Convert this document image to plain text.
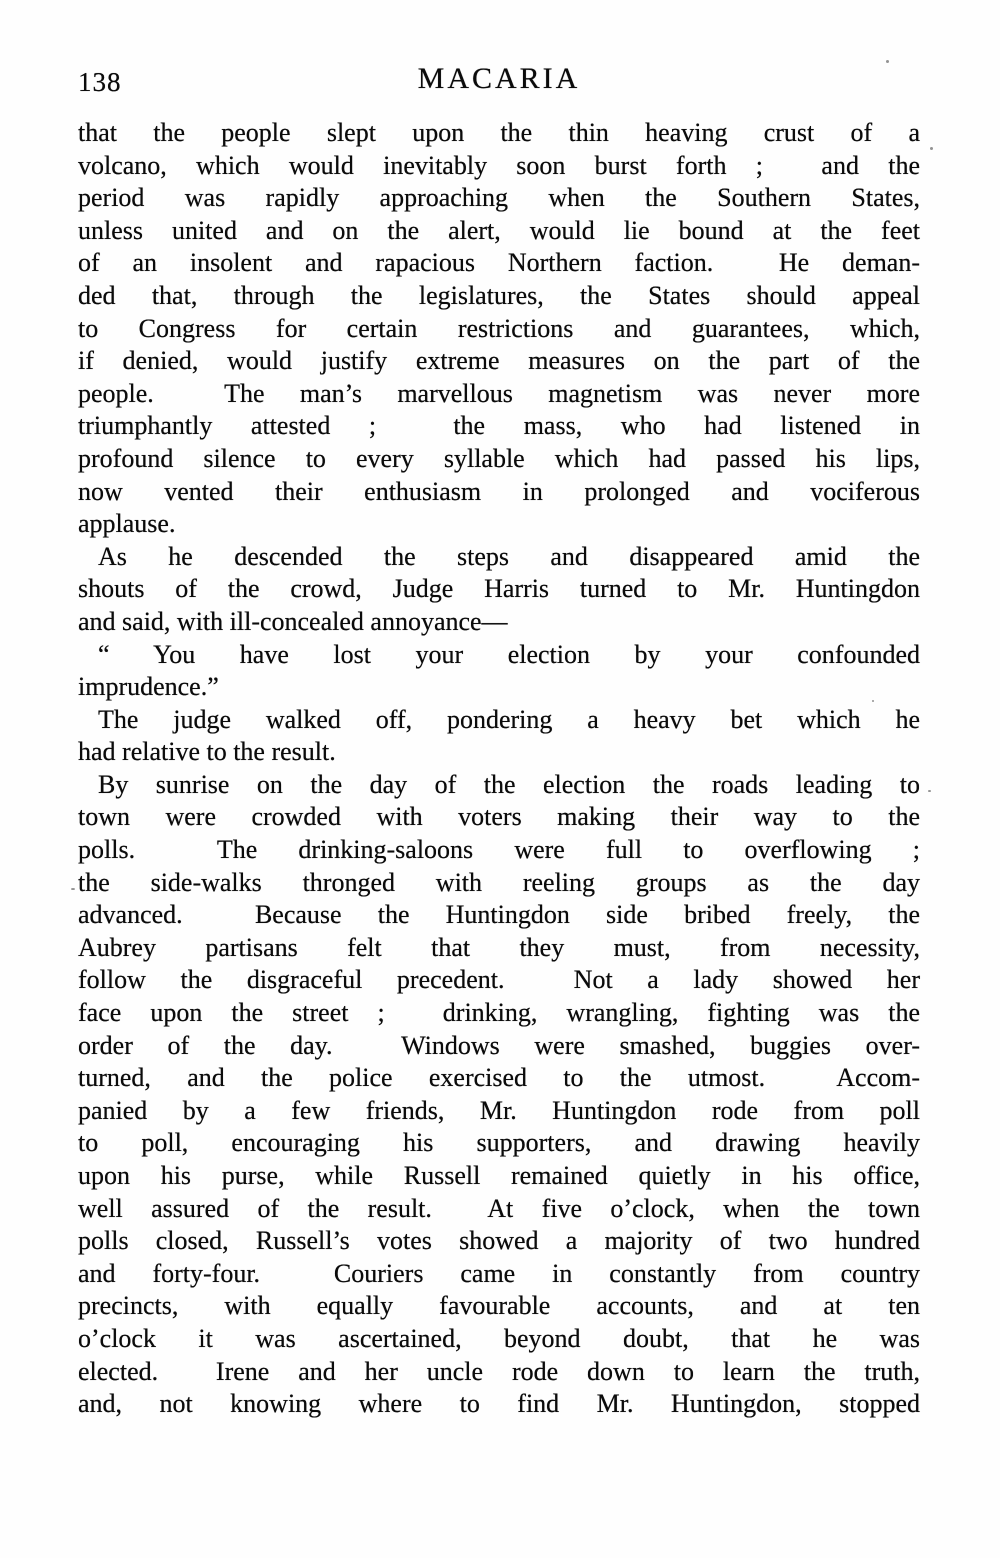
138	MACARIA
that the people slept upon the thin heaving crust of a
volcano, which would inevitably soon burst forth ;  and the
period was rapidly approaching when the Southern States,
unless united and on the alert, would lie bound at the feet
of an insolent and rapacious Northern faction.  He deman-
ded that, through the legislatures, the States should appeal
to Congress for certain restrictions and guarantees, which,
if denied, would justify extreme measures on the part of the
people.  The man’s marvellous magnetism was never more
triumphantly attested ;  the mass, who had listened in
profound silence to every syllable which had passed his lips,
now vented their enthusiasm in prolonged and vociferous
applause.
As he descended the steps and disappeared amid the
shouts of the crowd, Judge Harris turned to Mr. Huntingdon
and said, with ill-concealed annoyance—
“ You have lost your election by your confounded
imprudence.”
The judge walked off, pondering a heavy bet which he
had relative to the result.
By sunrise on the day of the election the roads leading to
town were crowded with voters making their way to the
polls.  The drinking-saloons were full to overflowing ;
the side-walks thronged with reeling groups as the day
advanced.  Because the Huntingdon side bribed freely, the
Aubrey partisans felt that they must, from necessity,
follow the disgraceful precedent.  Not a lady showed her
face upon the street ;  drinking, wrangling, fighting was the
order of the day.  Windows were smashed, buggies over-
turned, and the police exercised to the utmost.  Accom-
panied by a few friends, Mr. Huntingdon rode from poll
to poll, encouraging his supporters, and drawing heavily
upon his purse, while Russell remained quietly in his office,
well assured of the result.  At five o’clock, when the town
polls closed, Russell’s votes showed a majority of two hundred
and forty-four.  Couriers came in constantly from country
precincts, with equally favourable accounts, and at ten
o’clock it was ascertained, beyond doubt, that he was
elected.  Irene and her uncle rode down to learn the truth,
and, not knowing where to find Mr. Huntingdon, stopped
